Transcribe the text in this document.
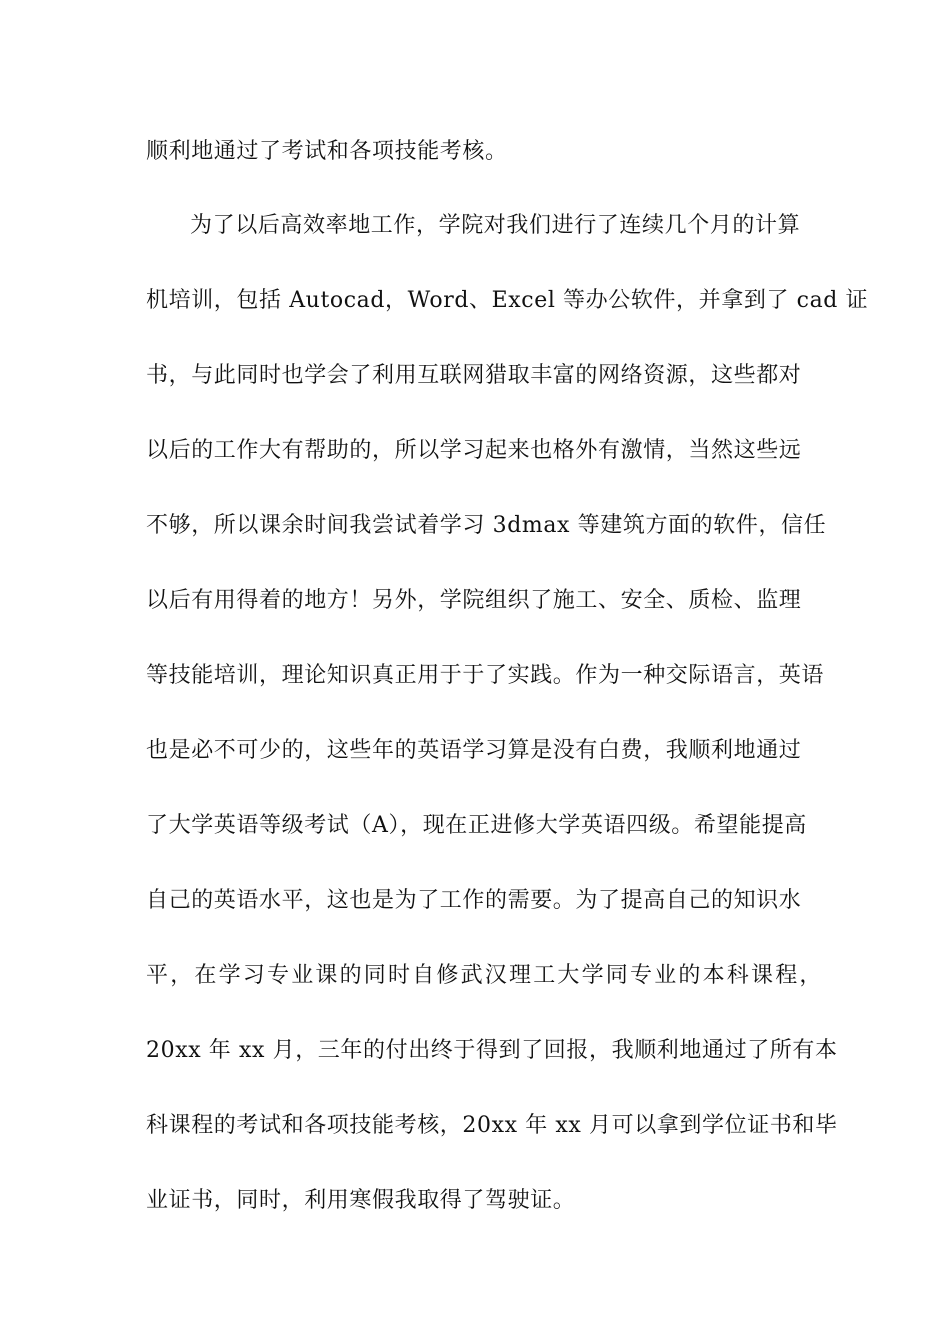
顺利地通过了考试和各项技能考核。
为了以后高效率地工作，学院对我们进行了连续几个月的计算
机培训，包括 Autocad，Word、Excel 等办公软件，并拿到了 cad 证
书，与此同时也学会了利用互联网猎取丰富的网络资源，这些都对
以后的工作大有帮助的，所以学习起来也格外有激情，当然这些远
不够，所以课余时间我尝试着学习 3dmax 等建筑方面的软件，信任
以后有用得着的地方！另外，学院组织了施工、安全、质检、监理
等技能培训，理论知识真正用于于了实践。作为一种交际语言，英语
也是必不可少的，这些年的英语学习算是没有白费，我顺利地通过
了大学英语等级考试（A），现在正进修大学英语四级。希望能提高
自己的英语水平，这也是为了工作的需要。为了提高自己的知识水
平，在学习专业课的同时自修武汉理工大学同专业的本科课程，
20xx 年 xx 月，三年的付出终于得到了回报，我顺利地通过了所有本
科课程的考试和各项技能考核，20xx 年 xx 月可以拿到学位证书和毕
业证书，同时，利用寒假我取得了驾驶证。
